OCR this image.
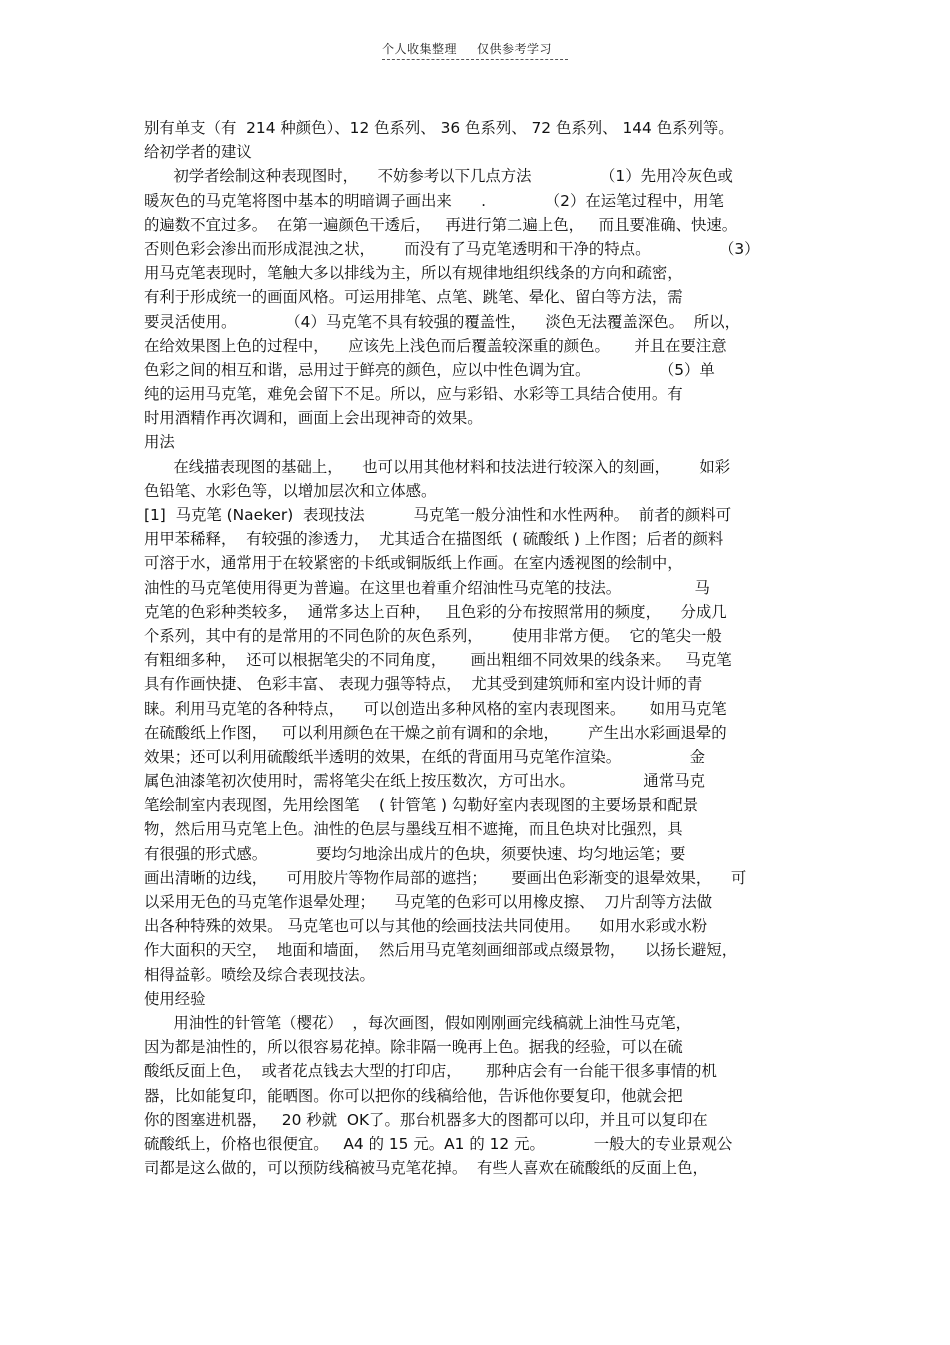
个人收集整理 仅供参考学习
别有单支（有  214 种颜色）、12 色系列、 36 色系列、 72 色系列、 144 色系列等。
给初学者的建议
初学者绘制这种表现图时，    不妨参考以下几点方法              （1）先用冷灰色或
暖灰色的马克笔将图中基本的明暗调子画出来      .            （2）在运笔过程中，用笔
的遍数不宜过多。  在第一遍颜色干透后，   再进行第二遍上色，   而且要准确、快速。
否则色彩会渗出而形成混浊之状，      而没有了马克笔透明和干净的特点。              （3）
用马克笔表现时，笔触大多以排线为主，所以有规律地组织线条的方向和疏密，
有利于形成统一的画面风格。可运用排笔、点笔、跳笔、晕化、留白等方法，需
要灵活使用。          （4）马克笔不具有较强的覆盖性，    淡色无法覆盖深色。  所以，
在给效果图上色的过程中，    应该先上浅色而后覆盖较深重的颜色。     并且在要注意
色彩之间的相互和谐，忌用过于鲜亮的颜色，应以中性色调为宜。              （5）单
纯的运用马克笔，难免会留下不足。所以，应与彩铅、水彩等工具结合使用。有
时用酒精作再次调和，画面上会出现神奇的效果。
用法
在线描表现图的基础上，    也可以用其他材料和技法进行较深入的刻画，      如彩
色铅笔、水彩色等，以增加层次和立体感。
[1]  马克笔 (Naeker)  表现技法          马克笔一般分油性和水性两种。  前者的颜料可
用甲苯稀释，  有较强的渗透力，  尤其适合在描图纸  ( 硫酸纸 ) 上作图；后者的颜料
可溶于水，通常用于在较紧密的卡纸或铜版纸上作画。在室内透视图的绘制中，
油性的马克笔使用得更为普遍。在这里也着重介绍油性马克笔的技法。               马
克笔的色彩种类较多，  通常多达上百种，   且色彩的分布按照常用的频度，    分成几
个系列，其中有的是常用的不同色阶的灰色系列，      使用非常方便。  它的笔尖一般
有粗细多种，  还可以根据笔尖的不同角度，     画出粗细不同效果的线条来。   马克笔
具有作画快捷、 色彩丰富、 表现力强等特点，  尤其受到建筑师和室内设计师的青
睐。利用马克笔的各种特点，    可以创造出多种风格的室内表现图来。     如用马克笔
在硫酸纸上作图，   可以利用颜色在干燥之前有调和的余地，      产生出水彩画退晕的
效果；还可以利用硫酸纸半透明的效果，在纸的背面用马克笔作渲染。              金
属色油漆笔初次使用时，需将笔尖在纸上按压数次，方可出水。              通常马克
笔绘制室内表现图，先用绘图笔    ( 针管笔 ) 勾勒好室内表现图的主要场景和配景
物，然后用马克笔上色。油性的色层与墨线互相不遮掩，而且色块对比强烈，具
有很强的形式感。          要均匀地涂出成片的色块，须要快速、均匀地运笔；要
画出清晰的边线，    可用胶片等物作局部的遮挡；     要画出色彩渐变的退晕效果，    可
以采用无色的马克笔作退晕处理；    马克笔的色彩可以用橡皮擦、  刀片刮等方法做
出各种特殊的效果。 马克笔也可以与其他的绘画技法共同使用。    如用水彩或水粉
作大面积的天空，  地面和墙面，  然后用马克笔刻画细部或点缀景物，    以扬长避短，
相得益彰。喷绘及综合表现技法。
使用经验
用油性的针管笔（樱花）  ，每次画图，假如刚刚画完线稿就上油性马克笔，
因为都是油性的，所以很容易花掉。除非隔一晚再上色。据我的经验，可以在硫
酸纸反面上色，  或者花点钱去大型的打印店，     那种店会有一台能干很多事情的机
器，比如能复印，能晒图。你可以把你的线稿给他，告诉他你要复印，他就会把
你的图塞进机器，   20 秒就  OK了。那台机器多大的图都可以印，并且可以复印在
硫酸纸上，价格也很便宜。   A4 的 15 元。A1 的 12 元。          一般大的专业景观公
司都是这么做的，可以预防线稿被马克笔花掉。  有些人喜欢在硫酸纸的反面上色，
